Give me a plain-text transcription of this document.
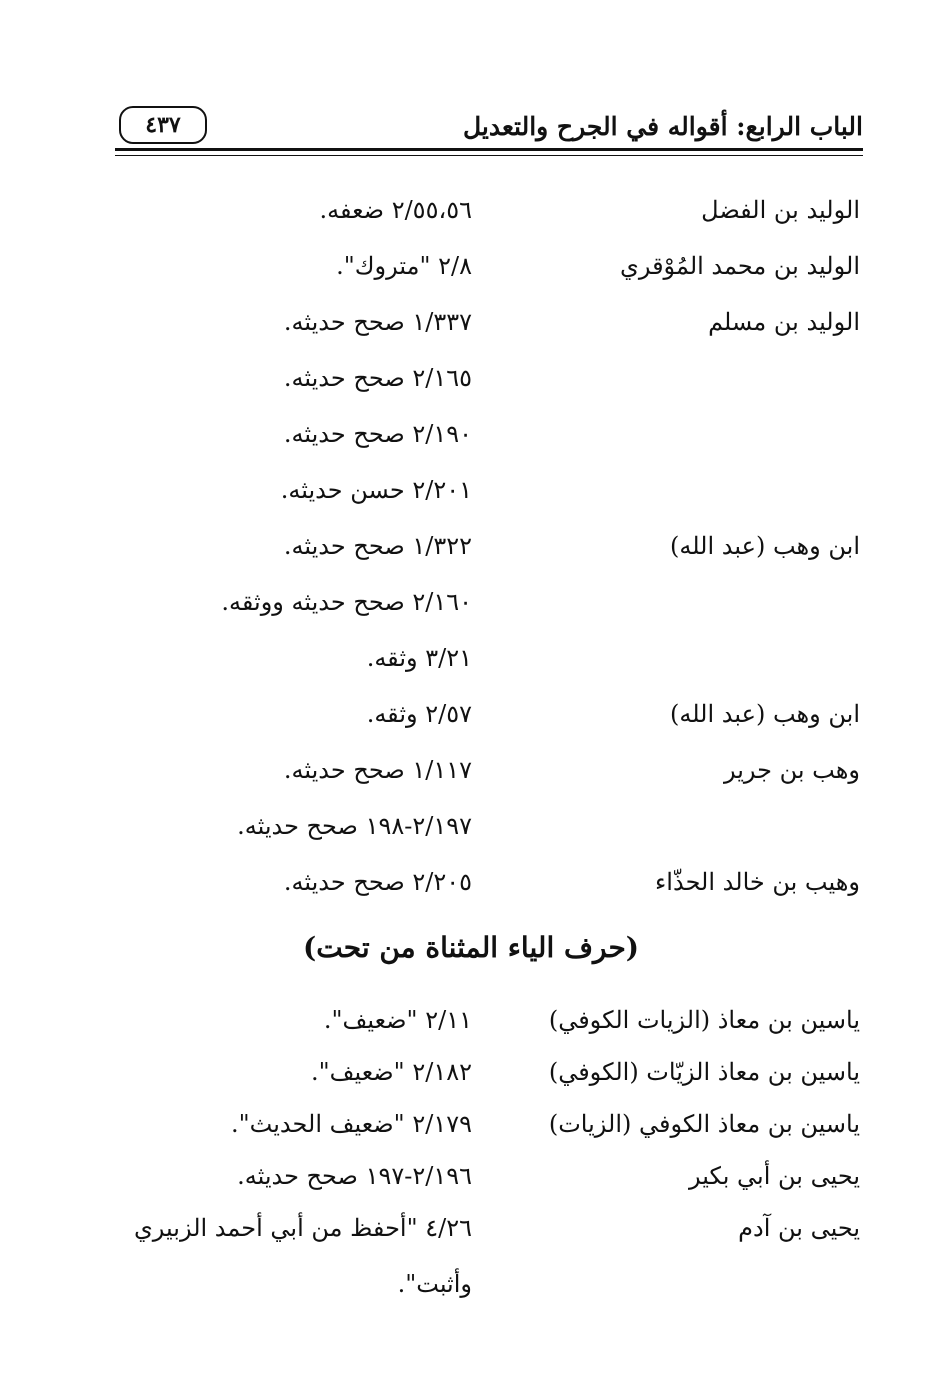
الباب الرابع: أقواله في الجرح والتعديل
٤٣٧
الوليد بن الفضل
٢/٥٥،٥٦ ضعفه.
الوليد بن محمد المُوْقري
٢/٨ "متروك".
الوليد بن مسلم
١/٣٣٧ صحح حديثه.
٢/١٦٥ صحح حديثه.
٢/١٩٠ صحح حديثه.
٢/٢٠١ حسن حديثه.
ابن وهب (عبد الله)
١/٣٢٢ صحح حديثه.
٢/١٦٠ صحح حديثه ووثقه.
٣/٢١ وثقه.
ابن وهب (عبد الله)
٢/٥٧ وثقه.
وهب بن جرير
١/١١٧ صحح حديثه.
٢/١٩٧-١٩٨ صحح حديثه.
وهيب بن خالد الحذّاء
٢/٢٠٥ صحح حديثه.
(حرف الياء المثناة من تحت)
ياسين بن معاذ (الزيات الكوفي)
٢/١١ "ضعيف".
ياسين بن معاذ الزيّات (الكوفي)
٢/١٨٢ "ضعيف".
ياسين بن معاذ الكوفي (الزيات)
٢/١٧٩ "ضعيف الحديث".
يحيى بن أبي بكير
٢/١٩٦-١٩٧ صحح حديثه.
يحيى بن آدم
٤/٢٦ "أحفظ من أبي أحمد الزبيري وأثبت".
